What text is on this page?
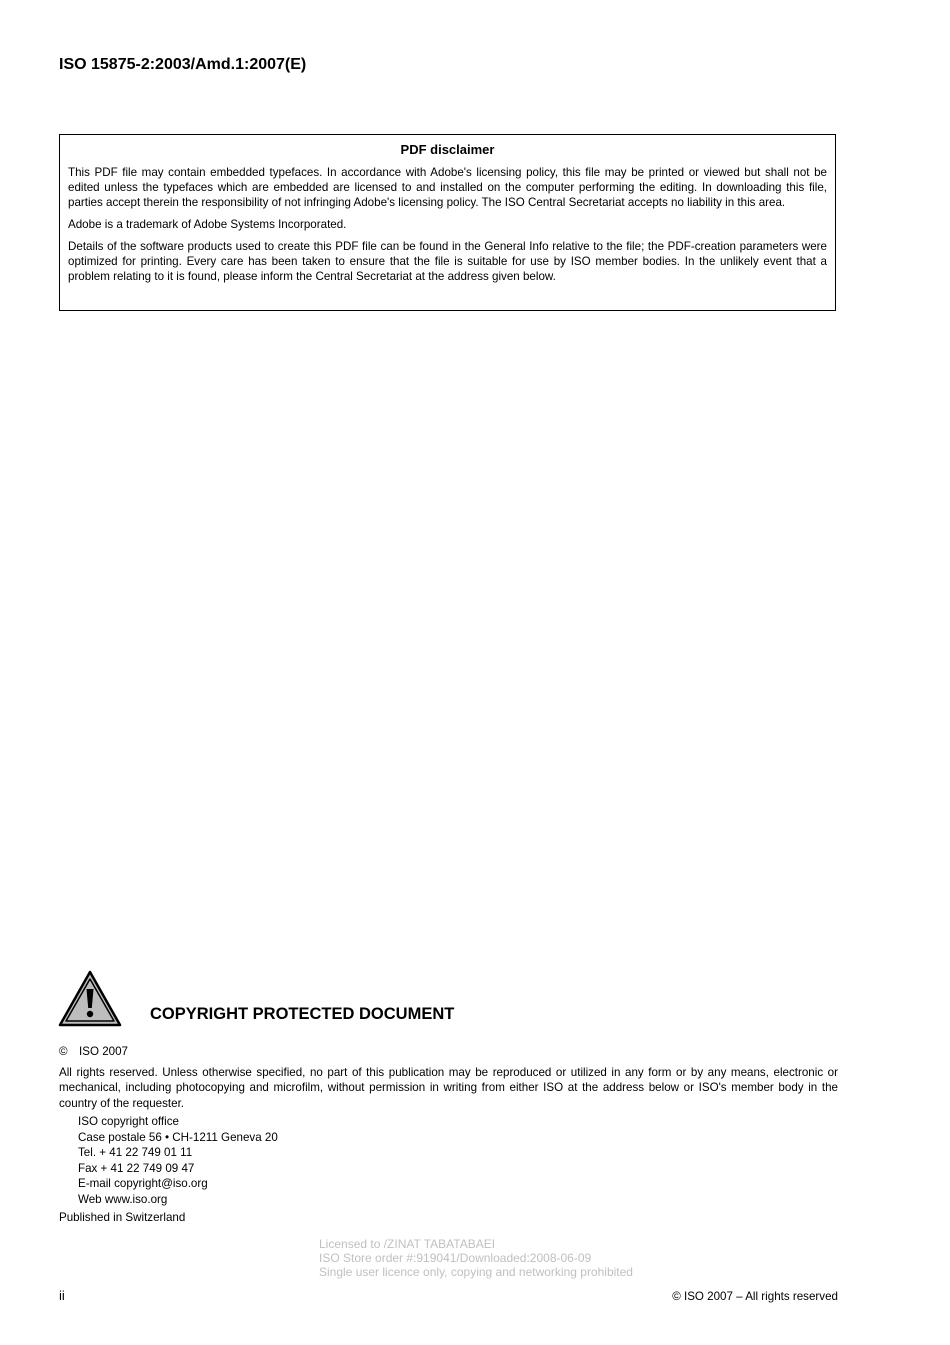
ISO 15875-2:2003/Amd.1:2007(E)
PDF disclaimer

This PDF file may contain embedded typefaces. In accordance with Adobe's licensing policy, this file may be printed or viewed but shall not be edited unless the typefaces which are embedded are licensed to and installed on the computer performing the editing. In downloading this file, parties accept therein the responsibility of not infringing Adobe's licensing policy. The ISO Central Secretariat accepts no liability in this area.

Adobe is a trademark of Adobe Systems Incorporated.

Details of the software products used to create this PDF file can be found in the General Info relative to the file; the PDF-creation parameters were optimized for printing. Every care has been taken to ensure that the file is suitable for use by ISO member bodies. In the unlikely event that a problem relating to it is found, please inform the Central Secretariat at the address given below.

COPYRIGHT PROTECTED DOCUMENT

© ISO 2007

All rights reserved. Unless otherwise specified, no part of this publication may be reproduced or utilized in any form or by any means, electronic or mechanical, including photocopying and microfilm, without permission in writing from either ISO at the address below or ISO's member body in the country of the requester.

ISO copyright office

Case postale 56 • CH-1211 Geneva 20

Tel. + 41 22 749 01 11

Fax + 41 22 749 09 47

E-mail copyright@iso.org

Web www.iso.org

Published in Switzerland

Licensed to /ZINAT TABATABAEI
ISO Store order #:919041/Downloaded:2008-06-09
Single user licence only, copying and networking prohibited
ii	© ISO 2007 – All rights reserved
